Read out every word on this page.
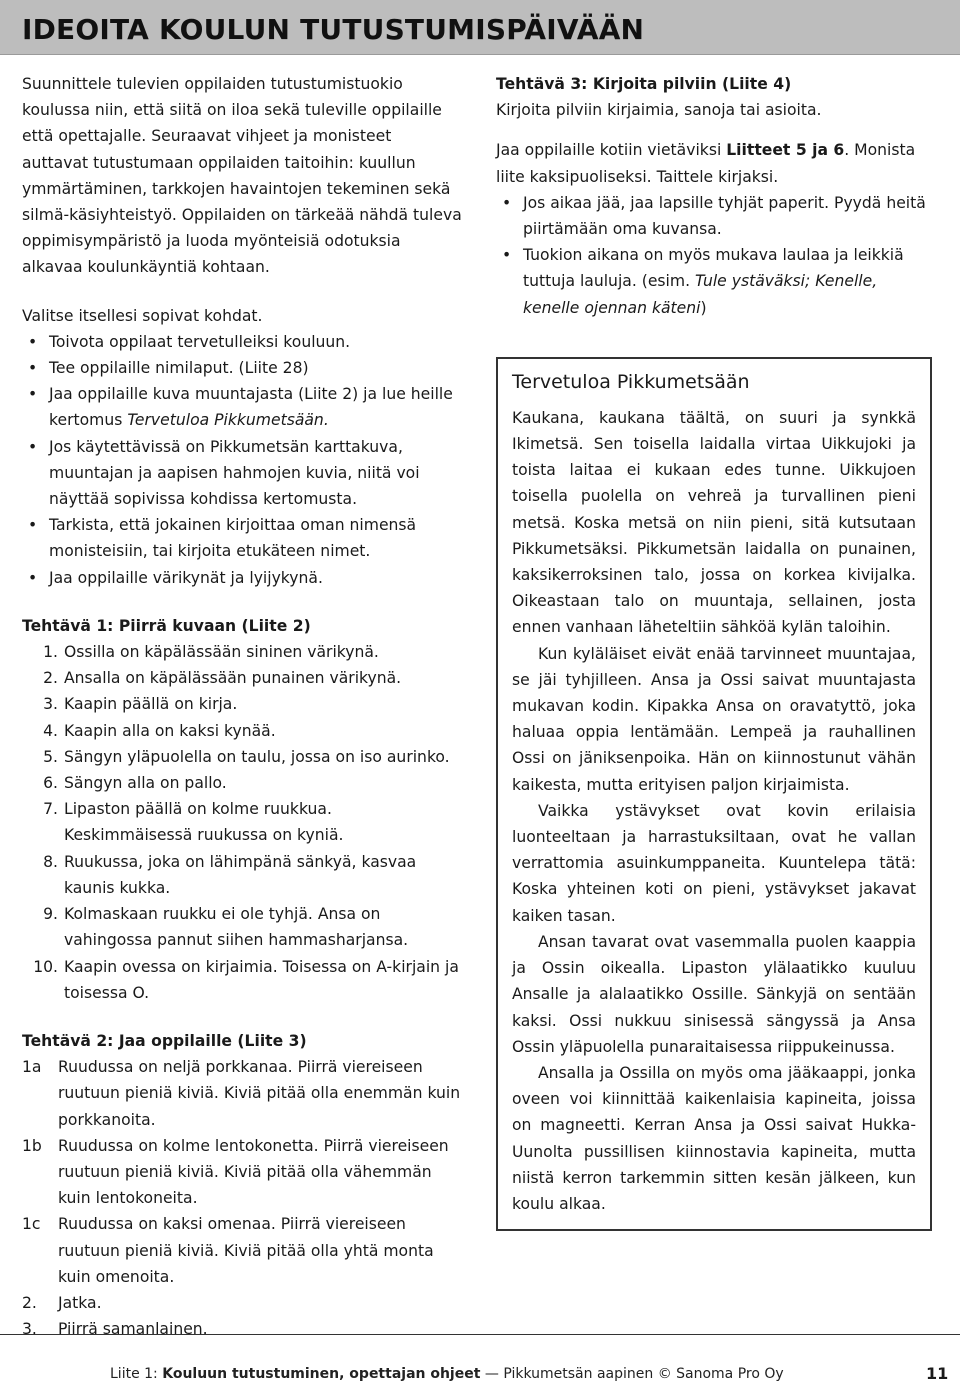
IDEOITA KOULUN TUTUSTUMISPÄIVÄÄN

Suunnittele tulevien oppilaiden tutustumistuokio koulussa niin, että siitä on iloa sekä tuleville oppilaille että opettajalle. Seuraavat vihjeet ja monisteet auttavat tutustumaan oppilaiden taitoihin: kuullun ymmärtäminen, tarkkojen havaintojen tekeminen sekä silmä-käsiyhteistyö. Oppilaiden on tärkeää nähdä tuleva oppimisympäristö ja luoda myönteisiä odotuksia alkavaa koulunkäyntiä kohtaan.

Valitse itsellesi sopivat kohdat.

• Toivota oppilaat tervetulleiksi kouluun.
• Tee oppilaille nimilaput. (Liite 28)
• Jaa oppilaille kuva muuntajasta (Liite 2) ja lue heille kertomus Tervetuloa Pikkumetsään.
• Jos käytettävissä on Pikkumetsän karttakuva, muuntajan ja aapisen hahmojen kuvia, niitä voi näyttää sopivissa kohdissa kertomusta.
• Tarkista, että jokainen kirjoittaa oman nimensä monisteisiin, tai kirjoita etukäteen nimet.
• Jaa oppilaille värikynät ja lyijykynä.

Tehtävä 1: Piirrä kuvaan (Liite 2)

1. Ossilla on käpälässään sininen värikynä.
2. Ansalla on käpälässään punainen värikynä.
3. Kaapin päällä on kirja.
4. Kaapin alla on kaksi kynää.
5. Sängyn yläpuolella on taulu, jossa on iso aurinko.
6. Sängyn alla on pallo.
7. Lipaston päällä on kolme ruukkua. Keskimmäisessä ruukussa on kyniä.
8. Ruukussa, joka on lähimpänä sänkyä, kasvaa kaunis kukka.
9. Kolmaskaan ruukku ei ole tyhjä. Ansa on vahingossa pannut siihen hammasharjansa.
10. Kaapin ovessa on kirjaimia. Toisessa on A-kirjain ja toisessa O.

Tehtävä 2: Jaa oppilaille (Liite 3)

1a	Ruudussa on neljä porkkanaa. Piirrä viereiseen ruutuun pieniä kiviä. Kiviä pitää olla enemmän kuin porkkanoita.
1b	Ruudussa on kolme lentokonetta. Piirrä viereiseen ruutuun pieniä kiviä. Kiviä pitää olla vähemmän kuin lentokoneita.
1c	Ruudussa on kaksi omenaa. Piirrä viereiseen ruutuun pieniä kiviä. Kiviä pitää olla yhtä monta kuin omenoita.
2.	Jatka.
3.	Piirrä samanlainen.

Tehtävä 3: Kirjoita pilviin (Liite 4)

Kirjoita pilviin kirjaimia, sanoja tai asioita.

Jaa oppilaille kotiin vietäviksi Liitteet 5 ja 6. Monista liite kaksipuoliseksi. Taittele kirjaksi.

• Jos aikaa jää, jaa lapsille tyhjät paperit. Pyydä heitä piirtämään oma kuvansa.
• Tuokion aikana on myös mukava laulaa ja leikkiä tuttuja lauluja. (esim. Tule ystäväksi; Kenelle, kenelle ojennan käteni)
Tervetuloa Pikkumetsään

Kaukana, kaukana täältä, on suuri ja synkkä Ikimetsä. Sen toisella laidalla virtaa Uikkujoki ja toista laitaa ei kukaan edes tunne. Uikkujoen toisella puolella on vehreä ja turvallinen pieni metsä. Koska metsä on niin pieni, sitä kutsutaan Pikkumetsäksi. Pikkumetsän laidalla on punainen, kaksikerroksinen talo, jossa on korkea kivijalka. Oikeastaan talo on muuntaja, sellainen, josta ennen vanhaan läheteltiin sähköä kylän taloihin.

Kun kyläläiset eivät enää tarvinneet muuntajaa, se jäi tyhjilleen. Ansa ja Ossi saivat muuntajasta mukavan kodin. Kipakka Ansa on oravatyttö, joka haluaa oppia lentämään. Lempeä ja rauhallinen Ossi on jäniksenpoika. Hän on kiinnostunut vähän kaikesta, mutta erityisen paljon kirjaimista.

Vaikka ystävykset ovat kovin erilaisia luonteeltaan ja harrastuksiltaan, ovat he vallan verrattomia asuinkumppaneita. Kuuntelepa tätä: Koska yhteinen koti on pieni, ystävykset jakavat kaiken tasan.

Ansan tavarat ovat vasemmalla puolen kaappia ja Ossin oikealla. Lipaston ylälaatikko kuuluu Ansalle ja alalaatikko Ossille. Sänkyjä on sentään kaksi. Ossi nukkuu sinisessä sängyssä ja Ansa Ossin yläpuolella punaraitaisessa riippukeinussa.

Ansalla ja Ossilla on myös oma jääkaappi, jonka oveen voi kiinnittää kaikenlaisia kapineita, joissa on magneetti. Kerran Ansa ja Ossi saivat Hukka-Uunolta pussillisen kiinnostavia kapineita, mutta niistä kerron tarkemmin sitten kesän jälkeen, kun koulu alkaa.

Liite 1: Kouluun tutustuminen, opettajan ohjeet — Pikkumetsän aapinen © Sanoma Pro Oy	11
